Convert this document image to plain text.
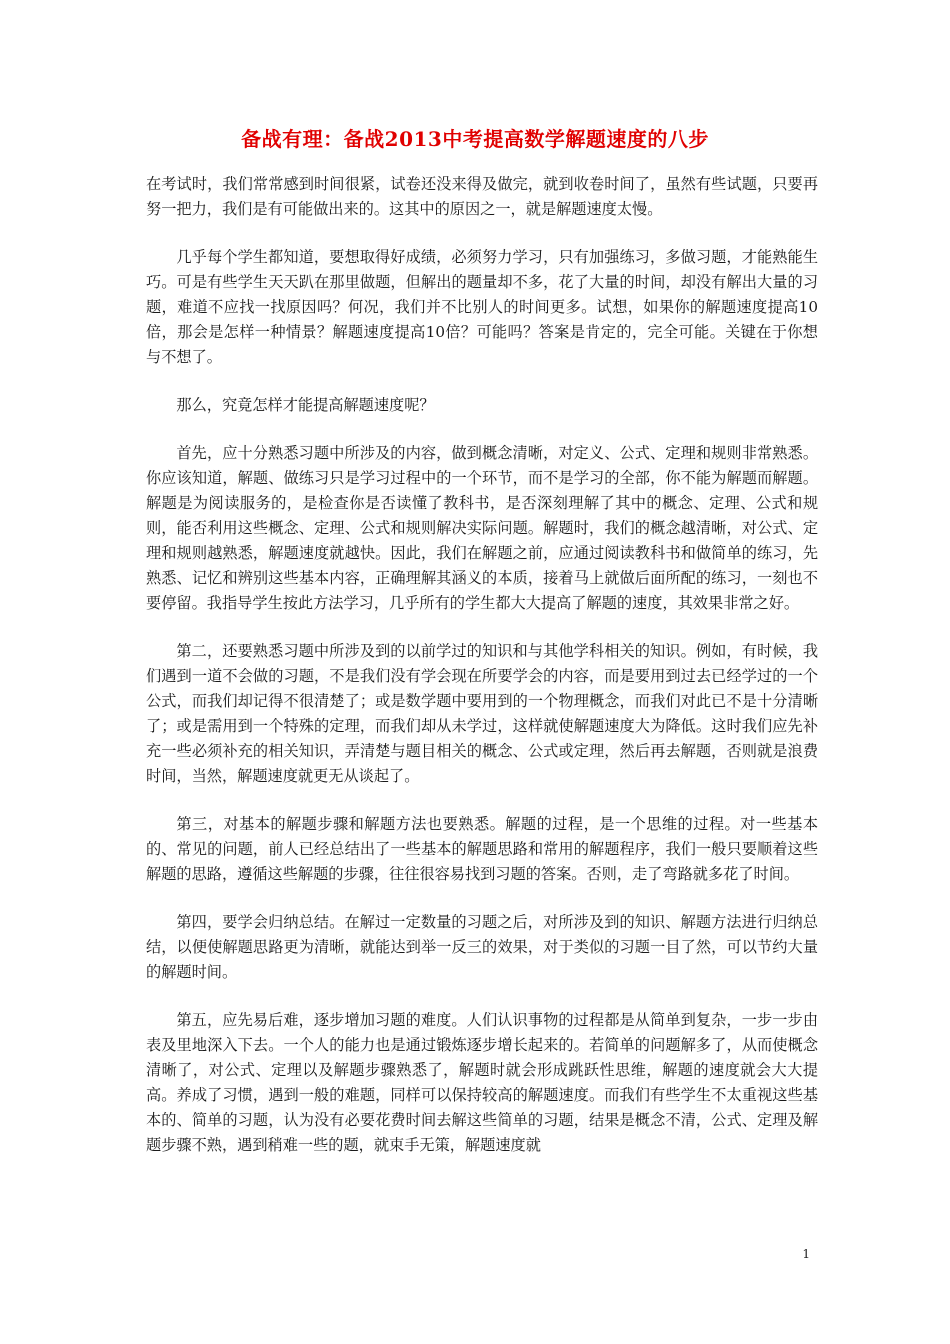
备战有理：备战2013中考提高数学解题速度的八步

在考试时，我们常常感到时间很紧，试卷还没来得及做完，就到收卷时间了，虽然有些试题，只要再努一把力，我们是有可能做出来的。这其中的原因之一，就是解题速度太慢。

几乎每个学生都知道，要想取得好成绩，必须努力学习，只有加强练习，多做习题，才能熟能生巧。可是有些学生天天趴在那里做题，但解出的题量却不多，花了大量的时间，却没有解出大量的习题，难道不应找一找原因吗？何况，我们并不比别人的时间更多。试想，如果你的解题速度提高10倍，那会是怎样一种情景？解题速度提高10倍？可能吗？答案是肯定的，完全可能。关键在于你想与不想了。

那么，究竟怎样才能提高解题速度呢？

首先，应十分熟悉习题中所涉及的内容，做到概念清晰，对定义、公式、定理和规则非常熟悉。你应该知道，解题、做练习只是学习过程中的一个环节，而不是学习的全部，你不能为解题而解题。解题是为阅读服务的，是检查你是否读懂了教科书，是否深刻理解了其中的概念、定理、公式和规则，能否利用这些概念、定理、公式和规则解决实际问题。解题时，我们的概念越清晰，对公式、定理和规则越熟悉，解题速度就越快。因此，我们在解题之前，应通过阅读教科书和做简单的练习，先熟悉、记忆和辨别这些基本内容，正确理解其涵义的本质，接着马上就做后面所配的练习，一刻也不要停留。我指导学生按此方法学习，几乎所有的学生都大大提高了解题的速度，其效果非常之好。

第二，还要熟悉习题中所涉及到的以前学过的知识和与其他学科相关的知识。例如，有时候，我们遇到一道不会做的习题，不是我们没有学会现在所要学会的内容，而是要用到过去已经学过的一个公式，而我们却记得不很清楚了；或是数学题中要用到的一个物理概念，而我们对此已不是十分清晰了；或是需用到一个特殊的定理，而我们却从未学过，这样就使解题速度大为降低。这时我们应先补充一些必须补充的相关知识，弄清楚与题目相关的概念、公式或定理，然后再去解题，否则就是浪费时间，当然，解题速度就更无从谈起了。

第三，对基本的解题步骤和解题方法也要熟悉。解题的过程，是一个思维的过程。对一些基本的、常见的问题，前人已经总结出了一些基本的解题思路和常用的解题程序，我们一般只要顺着这些解题的思路，遵循这些解题的步骤，往往很容易找到习题的答案。否则，走了弯路就多花了时间。

第四，要学会归纳总结。在解过一定数量的习题之后，对所涉及到的知识、解题方法进行归纳总结，以便使解题思路更为清晰，就能达到举一反三的效果，对于类似的习题一目了然，可以节约大量的解题时间。

第五，应先易后难，逐步增加习题的难度。人们认识事物的过程都是从简单到复杂，一步一步由表及里地深入下去。一个人的能力也是通过锻炼逐步增长起来的。若简单的问题解多了，从而使概念清晰了，对公式、定理以及解题步骤熟悉了，解题时就会形成跳跃性思维，解题的速度就会大大提高。养成了习惯，遇到一般的难题，同样可以保持较高的解题速度。而我们有些学生不太重视这些基本的、简单的习题，认为没有必要花费时间去解这些简单的习题，结果是概念不清，公式、定理及解题步骤不熟，遇到稍难一些的题，就束手无策，解题速度就

1
